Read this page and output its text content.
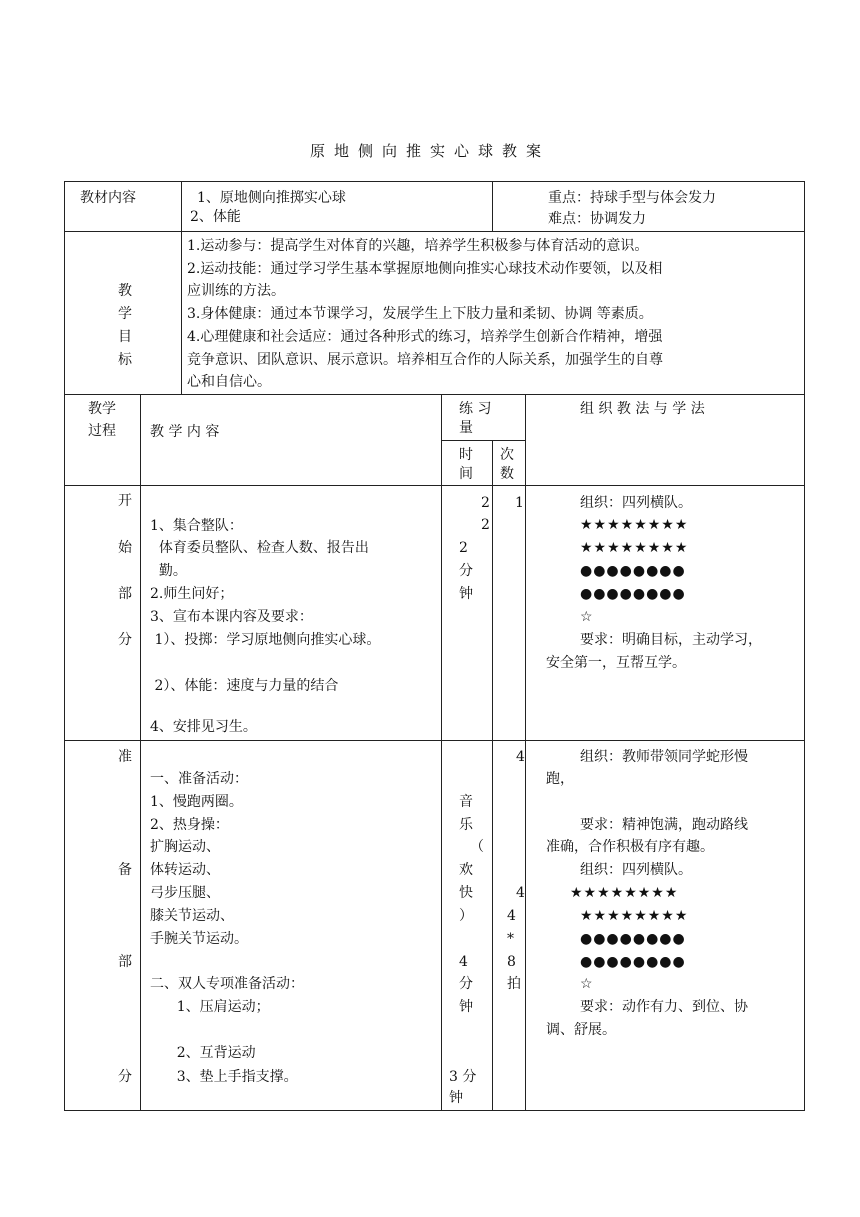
原地侧向推实心球教案
教材内容	1、原地侧向推掷实心球
2、体能
重点：持球手型与体会发力
难点：协调发力
教
学
目
标
1.运动参与：提高学生对体育的兴趣，培养学生积极参与体育活动的意识。
2.运动技能：通过学习学生基本掌握原地侧向推实心球技术动作要领，以及相
应训练的方法。
3.身体健康：通过本节课学习，发展学生上下肢力量和柔韧、协调 等素质。
4.心理健康和社会适应：通过各种形式的练习，培养学生创新合作精神，增强
竞争意识、团队意识、展示意识。培养相互合作的人际关系，加强学生的自尊
心和自信心。
教学
过程 教 学 内 容
练 习
量
时
间
次
数
组 织 教 法 与 学 法
开
始
部
分
1、集合整队：
体育委员整队、检查人数、报告出
勤。
2.师生问好；
3、宣布本课内容及要求：
1）、投掷：学习原地侧向推实心球。
2）、体能：速度与力量的结合
4、安排见习生。
2
2
2
分
钟
1	组织：四列横队。
★★★★★★★★
★★★★★★★★
●●●●●●●●
●●●●●●●●
☆
要求：明确目标，主动学习，
安全第一，互帮互学。
准
备
部
分
一、准备活动：
1、慢跑两圈。
2、热身操：
扩胸运动、
体转运动、
弓步压腿、
膝关节运动、
手腕关节运动。
二、双人专项准备活动：
1、压肩运动；
2、互背运动
3、垫上手指支撑。
音
乐
（
欢
快
）
4
分
钟
3 分
钟
4
4
4
*
8
拍
组织：教师带领同学蛇形慢
跑，
要求：精神饱满，跑动路线
准确，合作积极有序有趣。
组织：四列横队。
★★★★★★★★
★★★★★★★★
●●●●●●●●
●●●●●●●●
☆
要求：动作有力、到位、协
调、舒展。
